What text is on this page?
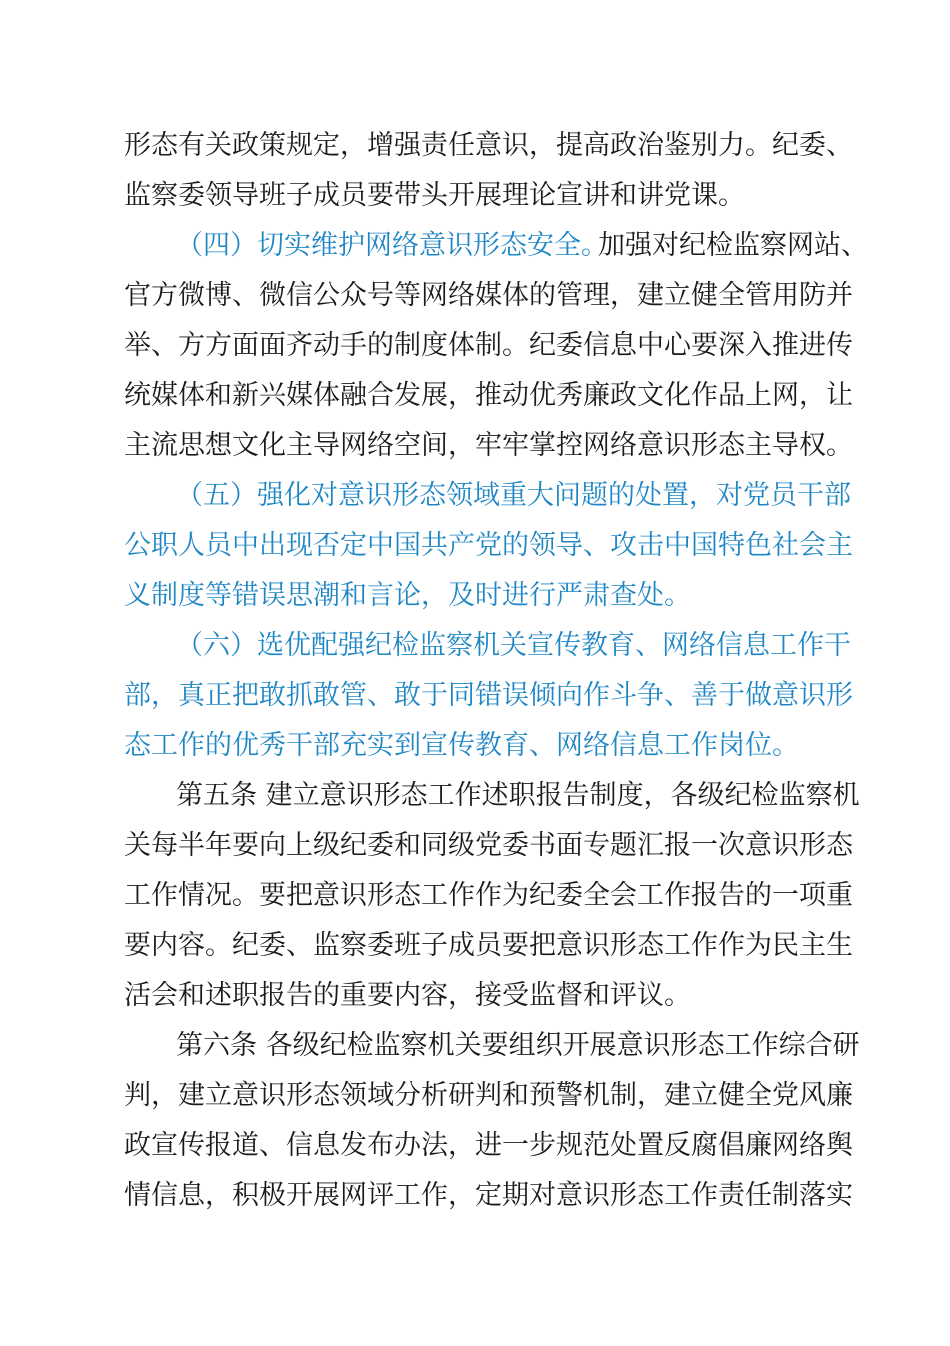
形态有关政策规定，增强责任意识，提高政治鉴别力。纪委、
监察委领导班子成员要带头开展理论宣讲和讲党课。
（四）切实维护网络意识形态安全。
加强对纪检监察网站、
官方微博、微信公众号等网络媒体的管理，建立健全管用防并
举、方方面面齐动手的制度体制。纪委信息中心要深入推进传
统媒体和新兴媒体融合发展，推动优秀廉政文化作品上网，让
主流思想文化主导网络空间，牢牢掌控网络意识形态主导权。
（五）强化对意识形态领域重大问题的处置，对党员干部
公职人员中出现否定中国共产党的领导、攻击中国特色社会主
义制度等错误思潮和言论，及时进行严肃查处。
（六）选优配强纪检监察机关宣传教育、网络信息工作干
部，真正把敢抓敢管、敢于同错误倾向作斗争、善于做意识形
态工作的优秀干部充实到宣传教育、网络信息工作岗位。
第五条 建立意识形态工作述职报告制度，各级纪检监察机
关每半年要向上级纪委和同级党委书面专题汇报一次意识形态
工作情况。要把意识形态工作作为纪委全会工作报告的一项重
要内容。纪委、监察委班子成员要把意识形态工作作为民主生
活会和述职报告的重要内容，接受监督和评议。
第六条 各级纪检监察机关要组织开展意识形态工作综合研
判，建立意识形态领域分析研判和预警机制，建立健全党风廉
政宣传报道、信息发布办法，进一步规范处置反腐倡廉网络舆
情信息，积极开展网评工作，定期对意识形态工作责任制落实
